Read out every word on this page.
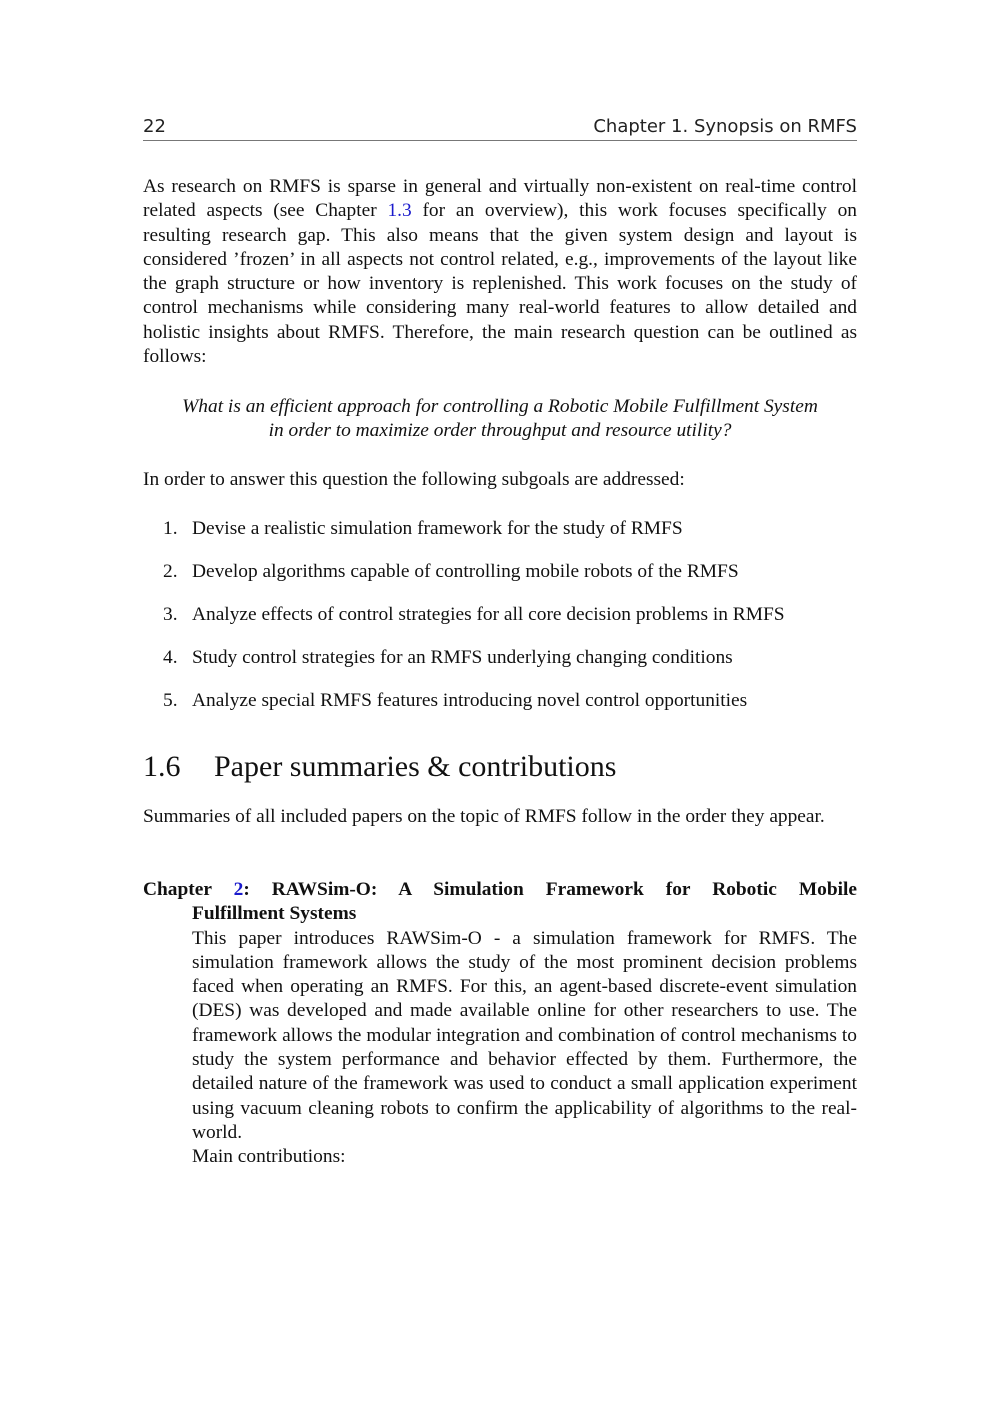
22	Chapter 1. Synopsis on RMFS
As research on RMFS is sparse in general and virtually non-existent on real-time control related aspects (see Chapter 1.3 for an overview), this work focuses specifically on resulting research gap. This also means that the given system design and layout is considered ’frozen’ in all aspects not control related, e.g., improvements of the layout like the graph structure or how inventory is replenished. This work focuses on the study of control mechanisms while considering many real-world features to allow detailed and holistic insights about RMFS. Therefore, the main research question can be outlined as follows:
What is an efficient approach for controlling a Robotic Mobile Fulfillment System
in order to maximize order throughput and resource utility?
In order to answer this question the following subgoals are addressed:
1. Devise a realistic simulation framework for the study of RMFS
2. Develop algorithms capable of controlling mobile robots of the RMFS
3. Analyze effects of control strategies for all core decision problems in RMFS
4. Study control strategies for an RMFS underlying changing conditions
5. Analyze special RMFS features introducing novel control opportunities
1.6 Paper summaries & contributions
Summaries of all included papers on the topic of RMFS follow in the order they appear.
Chapter 2: RAWSim-O: A Simulation Framework for Robotic Mobile
Fulfillment Systems
This paper introduces RAWSim-O - a simulation framework for RMFS. The simulation framework allows the study of the most prominent decision problems faced when operating an RMFS. For this, an agent-based discrete-event simulation (DES) was developed and made available online for other researchers to use. The framework allows the modular integration and combination of control mechanisms to study the system performance and behavior effected by them. Furthermore, the detailed nature of the framework was used to conduct a small application experiment using vacuum cleaning robots to confirm the applicability of algorithms to the real-world.
Main contributions:
